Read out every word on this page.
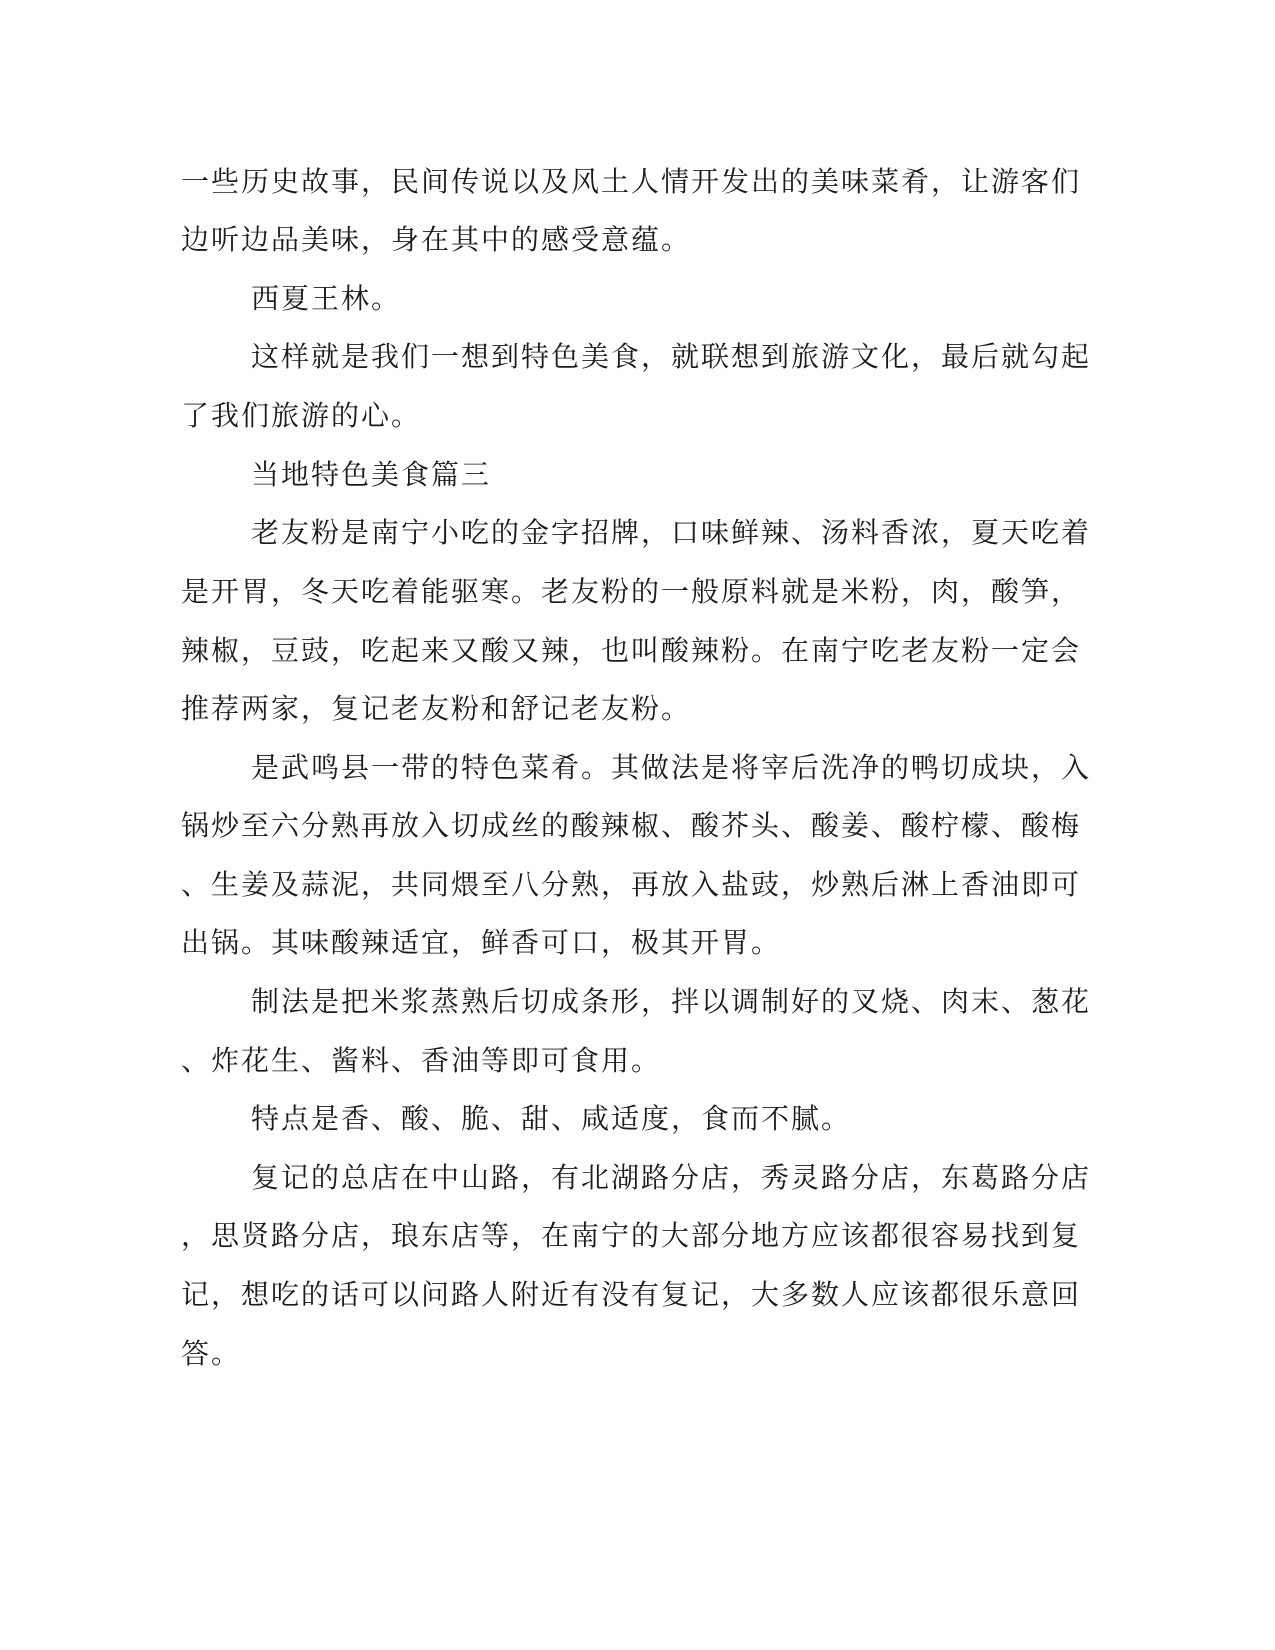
一些历史故事，民间传说以及风土人情开发出的美味菜肴，让游客们
边听边品美味，身在其中的感受意蕴。
西夏王林。
这样就是我们一想到特色美食，就联想到旅游文化，最后就勾起
了我们旅游的心。
当地特色美食篇三
老友粉是南宁小吃的金字招牌，口味鲜辣、汤料香浓，夏天吃着
是开胃，冬天吃着能驱寒。老友粉的一般原料就是米粉，肉，酸笋，
辣椒，豆豉，吃起来又酸又辣，也叫酸辣粉。在南宁吃老友粉一定会
推荐两家，复记老友粉和舒记老友粉。
是武鸣县一带的特色菜肴。其做法是将宰后洗净的鸭切成块，入
锅炒至六分熟再放入切成丝的酸辣椒、酸芥头、酸姜、酸柠檬、酸梅
、生姜及蒜泥，共同煨至八分熟，再放入盐豉，炒熟后淋上香油即可
出锅。其味酸辣适宜，鲜香可口，极其开胃。
制法是把米浆蒸熟后切成条形，拌以调制好的叉烧、肉末、葱花
、炸花生、酱料、香油等即可食用。
特点是香、酸、脆、甜、咸适度，食而不腻。
复记的总店在中山路，有北湖路分店，秀灵路分店，东葛路分店
，思贤路分店，琅东店等，在南宁的大部分地方应该都很容易找到复
记，想吃的话可以问路人附近有没有复记，大多数人应该都很乐意回
答。
